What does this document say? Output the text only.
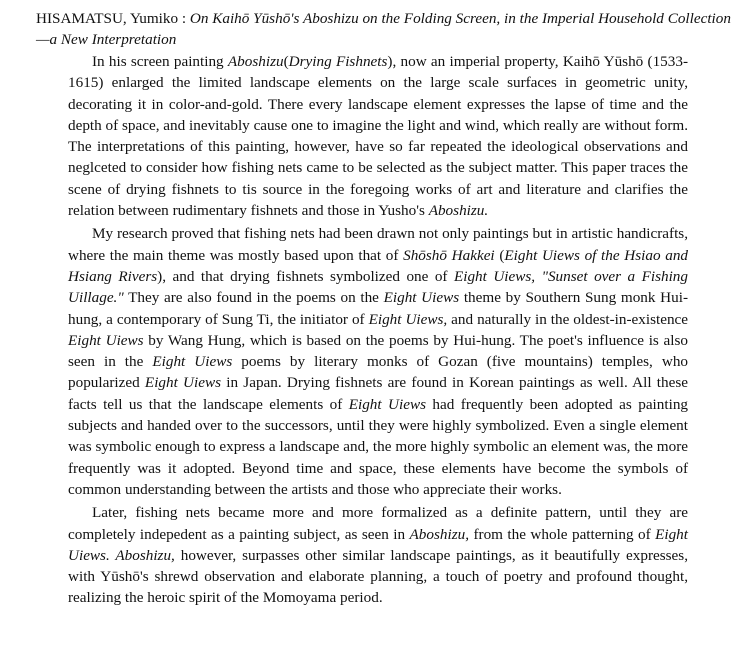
HISAMATSU, Yumiko : On Kaihō Yūshō's Aboshizu on the Folding Screen, in the Imperial Household Collection—a New Interpretation

In his screen painting Aboshizu(Drying Fishnets), now an imperial property, Kaihō Yūshō (1533-1615) enlarged the limited landscape elements on the large scale surfaces in geometric unity, decorating it in color-and-gold. There every landscape element expresses the lapse of time and the depth of space, and inevitably cause one to imagine the light and wind, which really are without form. The interpretations of this painting, however, have so far repeated the ideological observations and neglceted to consider how fishing nets came to be selected as the subject matter. This paper traces the scene of drying fishnets to tis source in the foregoing works of art and literature and clarifies the relation between rudimentary fishnets and those in Yusho's Aboshizu.

My research proved that fishing nets had been drawn not only paintings but in artistic handicrafts, where the main theme was mostly based upon that of Shōshō Hakkei (Eight Uiews of the Hsiao and Hsiang Rivers), and that drying fishnets symbolized one of Eight Uiews, "Sunset over a Fishing Uillage." They are also found in the poems on the Eight Uiews theme by Southern Sung monk Hui-hung, a contemporary of Sung Ti, the initiator of Eight Uiews, and naturally in the oldest-in-existence Eight Uiews by Wang Hung, which is based on the poems by Hui-hung. The poet's influence is also seen in the Eight Uiews poems by literary monks of Gozan (five mountains) temples, who popularized Eight Uiews in Japan. Drying fishnets are found in Korean paintings as well. All these facts tell us that the landscape elements of Eight Uiews had frequently been adopted as painting subjects and handed over to the successors, until they were highly symbolized. Even a single element was symbolic enough to express a landscape and, the more highly symbolic an element was, the more frequently was it adopted. Beyond time and space, these elements have become the symbols of common understanding between the artists and those who appreciate their works.

Later, fishing nets became more and more formalized as a definite pattern, until they are completely indepedent as a painting subject, as seen in Aboshizu, from the whole patterning of Eight Uiews. Aboshizu, however, surpasses other similar landscape paintings, as it beautifully expresses, with Yūshō's shrewd observation and elaborate planning, a touch of poetry and profound thought, realizing the heroic spirit of the Momoyama period.
